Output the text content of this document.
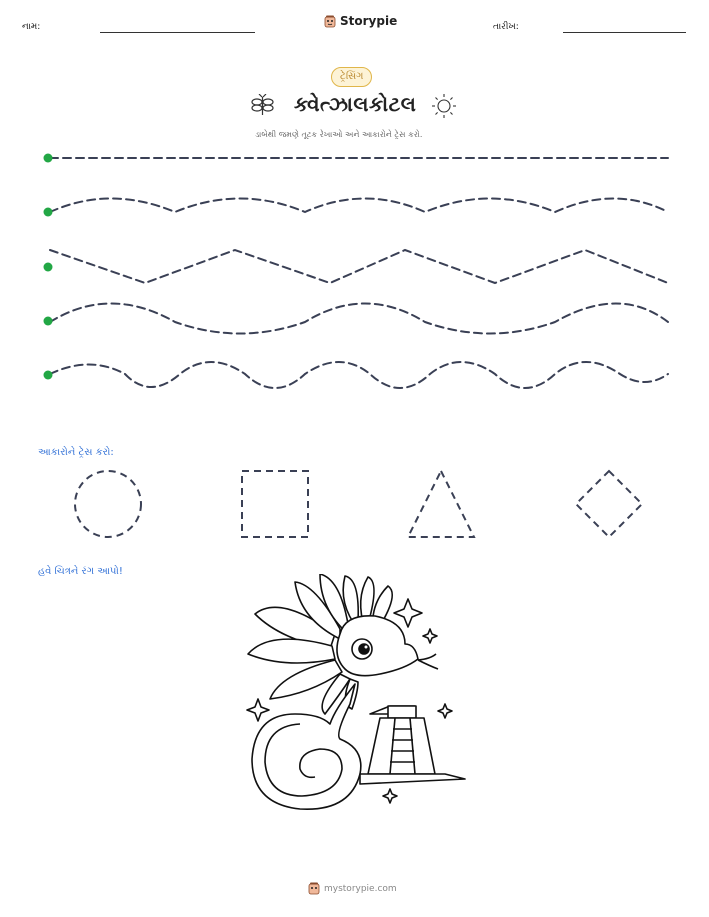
નામ:	Storypie	તારીખ:
ટ્રેસિંગ
ક્વેત્ઝાલકોટલ
ડાબેથી જમણે તૂટક રેખાઓ અને આકારોને ટ્રેસ કરો.
આકારોને ટ્રેસ કરો:
હવે ચિત્રને રંગ આપો!
mystorypie.com
